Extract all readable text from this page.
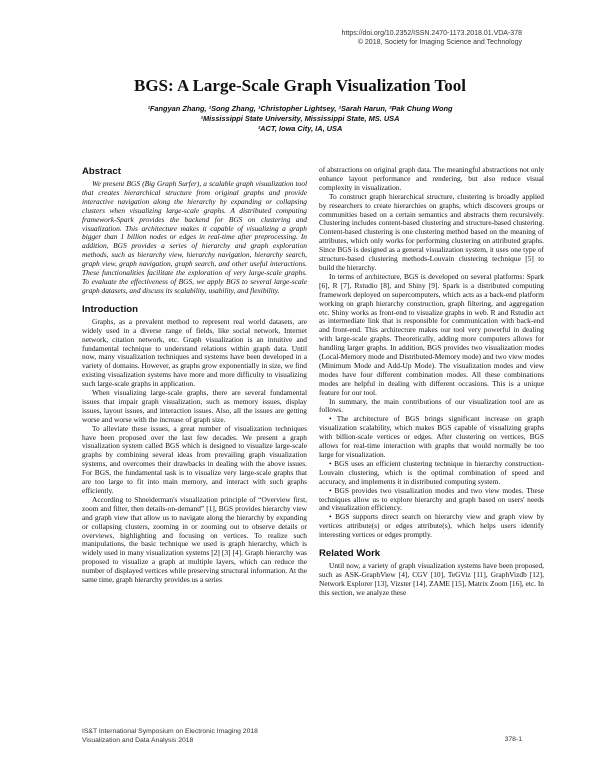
https://doi.org/10.2352/ISSN.2470-1173.2018.01.VDA-378
© 2018, Society for Imaging Science and Technology
BGS: A Large-Scale Graph Visualization Tool
¹Fangyan Zhang, ¹Song Zhang, ¹Christopher Lightsey, ¹Sarah Harun, ²Pak Chung Wong
¹Mississippi State University, Mississippi State, MS. USA
²ACT, Iowa City, IA, USA
Abstract

We present BGS (Big Graph Surfer), a scalable graph visualization tool that creates hierarchical structure from original graphs and provide interactive navigation along the hierarchy by expanding or collapsing clusters when visualizing large-scale graphs. A distributed computing framework-Spark provides the backend for BGS on clustering and visualization. This architecture makes it capable of visualizing a graph bigger than 1 billion nodes or edges in real-time after preprocessing. In addition, BGS provides a series of hierarchy and graph exploration methods, such as hierarchy view, hierarchy navigation, hierarchy search, graph view, graph navigation, graph search, and other useful interactions. These functionalities facilitate the exploration of very large-scale graphs. To evaluate the effectiveness of BGS, we apply BGS to several large-scale graph datasets, and discuss its scalability, usability, and flexibility.

Introduction

Graphs, as a prevalent method to represent real world datasets, are widely used in a diverse range of fields, like social network, Internet network, citation network, etc. Graph visualization is an intuitive and fundamental technique to understand relations within graph data. Until now, many visualization techniques and systems have been developed in a variety of domains. However, as graphs grow exponentially in size, we find existing visualization systems have more and more difficulty to visualizing such large-scale graphs in application.

When visualizing large-scale graphs, there are several fundamental issues that impair graph visualization, such as memory issues, display issues, layout issues, and interaction issues. Also, all the issues are getting worse and worse with the increase of graph size.

To alleviate these issues, a great number of visualization techniques have been proposed over the last few decades. We present a graph visualization system called BGS which is designed to visualize large-scale graphs by combining several ideas from prevailing graph visualization systems, and overcomes their drawbacks in dealing with the above issues. For BGS, the fundamental task is to visualize very large-scale graphs that are too large to fit into main memory, and interact with such graphs efficiently.

According to Shneiderman's visualization principle of “Overview first, zoom and filter, then details-on-demand” [1], BGS provides hierarchy view and graph view that allow us to navigate along the hierarchy by expanding or collapsing clusters, zooming in or zooming out to observe details or overviews, highlighting and focusing on vertices. To realize such manipulations, the basic technique we used is graph hierarchy, which is widely used in many visualization systems [2] [3] [4]. Graph hierarchy was proposed to visualize a graph at multiple layers, which can reduce the number of displayed vertices while preserving structural information. At the same time, graph hierarchy provides us a series

of abstractions on original graph data. The meaningful abstractions not only enhance layout performance and rendering, but also reduce visual complexity in visualization.

To construct graph hierarchical structure, clustering is broadly applied by researchers to create hierarchies on graphs, which discovers groups or communities based on a certain semantics and abstracts them recursively. Clustering includes content-based clustering and structure-based clustering. Content-based clustering is one clustering method based on the meaning of attributes, which only works for performing clustering on attributed graphs. Since BGS is designed as a general visualization system, it uses one type of structure-based clustering methods-Louvain clustering technique [5] to build the hierarchy.

In terms of architecture, BGS is developed on several platforms: Spark [6], R [7], Rstudio [8], and Shiny [9]. Spark is a distributed computing framework deployed on supercomputers, which acts as a back-end platform working on graph hierarchy construction, graph filtering, and aggregation etc. Shiny works as front-end to visualize graphs in web. R and Rstudio act as intermediate link that is responsible for communication with back-end and front-end. This architecture makes our tool very powerful in dealing with large-scale graphs. Theoretically, adding more computers allows for handling larger graphs. In addition, BGS provides two visualization modes (Local-Memory mode and Distributed-Memory mode) and two view modes (Minimum Mode and Add-Up Mode). The visualization modes and view modes have four different combination modes. All these combinations modes are helpful in dealing with different occasions. This is a unique feature for our tool.

In summary, the main contributions of our visualization tool are as follows.

• The architecture of BGS brings significant increase on graph visualization scalability, which makes BGS capable of visualizing graphs with billion-scale vertices or edges. After clustering on vertices, BGS allows for real-time interaction with graphs that would normally be too large for visualization.

• BGS uses an efficient clustering technique in hierarchy construction-Louvain clustering, which is the optimal combination of speed and accuracy, and implements it in distributed computing system.

• BGS provides two visualization modes and two view modes. These techniques allow us to explore hierarchy and graph based on users' needs and visualization efficiency.

• BGS supports direct search on hierarchy view and graph view by vertices attribute(s) or edges attribute(s), which helps users identify interesting vertices or edges promptly.

Related Work

Until now, a variety of graph visualization systems have been proposed, such as ASK-GraphView [4], CGV [10], TeGViz [11], GraphVizdb [12], Network Explorer [13], Vizster [14], ZAME [15], Matrix Zoom [16], etc. In this section, we analyze these

IS&T International Symposium on Electronic Imaging 2018
Visualization and Data Analysis 2018	378-1
